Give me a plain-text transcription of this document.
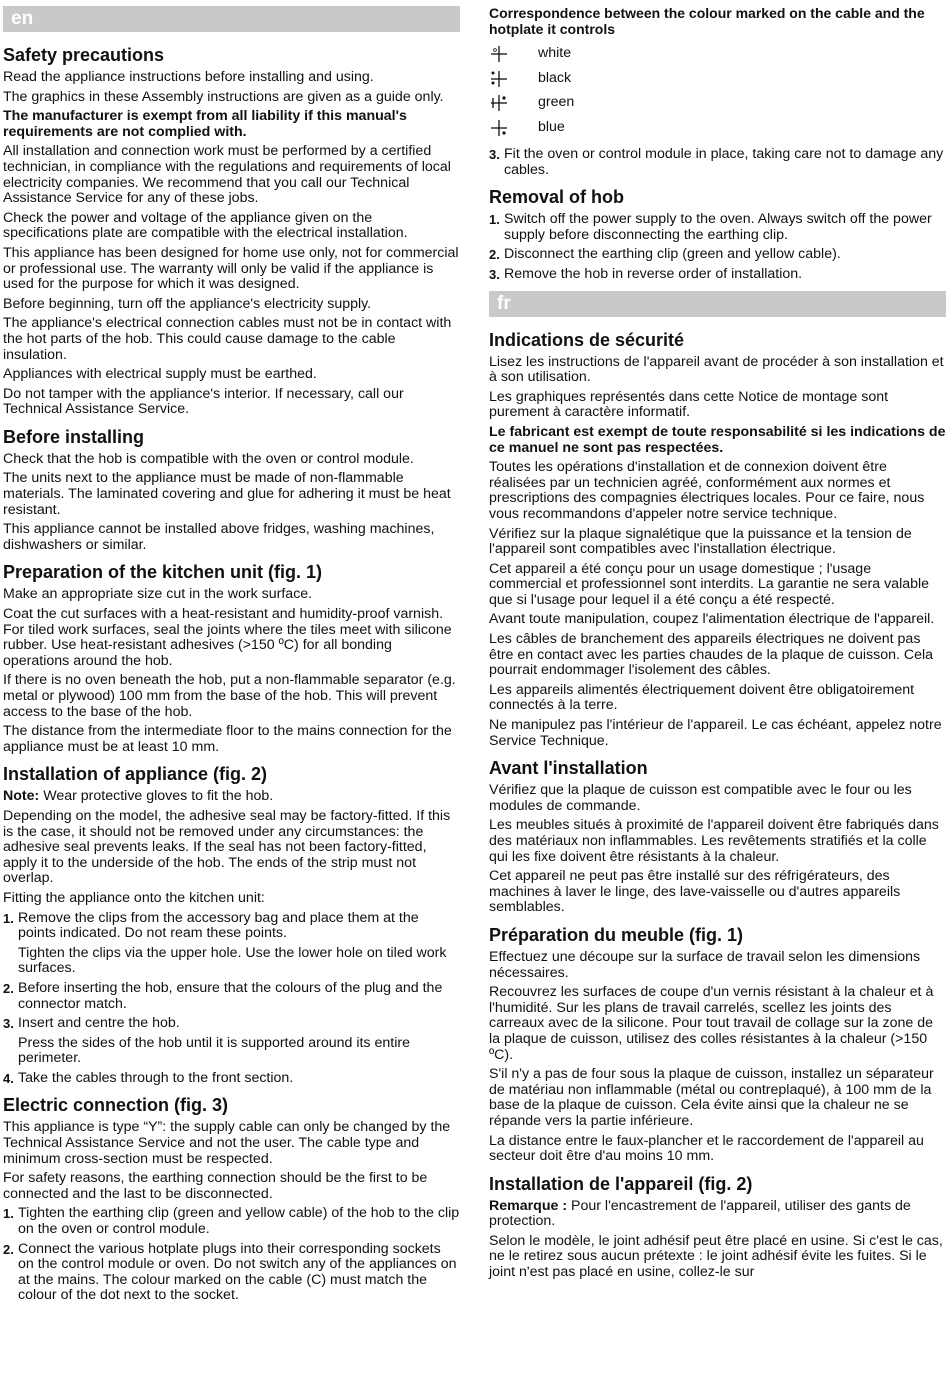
en
Safety precautions

Read the appliance instructions before installing and using.

The graphics in these Assembly instructions are given as a guide only.

The manufacturer is exempt from all liability if this manual's requirements are not complied with.

All installation and connection work must be performed by a certified technician, in compliance with the regulations and requirements of local electricity companies. We recommend that you call our Technical Assistance Service for any of these jobs.

Check the power and voltage of the appliance given on the specifications plate are compatible with the electrical installation.

This appliance has been designed for home use only, not for commercial or professional use. The warranty will only be valid if the appliance is used for the purpose for which it was designed.

Before beginning, turn off the appliance's electricity supply.

The appliance's electrical connection cables must not be in contact with the hot parts of the hob. This could cause damage to the cable insulation.

Appliances with electrical supply must be earthed.

Do not tamper with the appliance's interior. If necessary, call our Technical Assistance Service.

Before installing

Check that the hob is compatible with the oven or control module.

The units next to the appliance must be made of non-flammable materials. The laminated covering and glue for adhering it must be heat resistant.

This appliance cannot be installed above fridges, washing machines, dishwashers or similar.

Preparation of the kitchen unit (fig. 1)

Make an appropriate size cut in the work surface.

Coat the cut surfaces with a heat-resistant and humidity-proof varnish. For tiled work surfaces, seal the joints where the tiles meet with silicone rubber. Use heat-resistant adhesives (>150 ºC) for all bonding operations around the hob.

If there is no oven beneath the hob, put a non-flammable separator (e.g. metal or plywood) 100 mm from the base of the hob. This will prevent access to the base of the hob.

The distance from the intermediate floor to the mains connection for the appliance must be at least 10 mm.

Installation of appliance (fig. 2)

Note: Wear protective gloves to fit the hob.

Depending on the model, the adhesive seal may be factory-fitted. If this is the case, it should not be removed under any circumstances: the adhesive seal prevents leaks. If the seal has not been factory-fitted, apply it to the underside of the hob. The ends of the strip must not overlap.

Fitting the appliance onto the kitchen unit:

1. Remove the clips from the accessory bag and place them at the points indicated. Do not ream these points.
Tighten the clips via the upper hole. Use the lower hole on tiled work surfaces.
2. Before inserting the hob, ensure that the colours of the plug and the connector match.
3. Insert and centre the hob.
Press the sides of the hob until it is supported around its entire perimeter.
4. Take the cables through to the front section.
Electric connection (fig. 3)

This appliance is type “Y”: the supply cable can only be changed by the Technical Assistance Service and not the user. The cable type and minimum cross-section must be respected.

For safety reasons, the earthing connection should be the first to be connected and the last to be disconnected.

1. Tighten the earthing clip (green and yellow cable) of the hob to the clip on the oven or control module.
2. Connect the various hotplate plugs into their corresponding sockets on the control module or oven. Do not switch any of the appliances on at the mains. The colour marked on the cable (C) must match the colour of the dot next to the socket.
Correspondence between the colour marked on the cable and the hotplate it controls
white
black
green
blue
3. Fit the oven or control module in place, taking care not to damage any cables.
Removal of hob
1. Switch off the power supply to the oven. Always switch off the power supply before disconnecting the earthing clip.
2. Disconnect the earthing clip (green and yellow cable).
3. Remove the hob in reverse order of installation.
fr
Indications de sécurité

Lisez les instructions de l'appareil avant de procéder à son installation et à son utilisation.

Les graphiques représentés dans cette Notice de montage sont purement à caractère informatif.

Le fabricant est exempt de toute responsabilité si les indications de ce manuel ne sont pas respectées.

Toutes les opérations d'installation et de connexion doivent être réalisées par un technicien agréé, conformément aux normes et prescriptions des compagnies électriques locales. Pour ce faire, nous vous recommandons d'appeler notre service technique.

Vérifiez sur la plaque signalétique que la puissance et la tension de l'appareil sont compatibles avec l'installation électrique.

Cet appareil a été conçu pour un usage domestique ; l'usage commercial et professionnel sont interdits. La garantie ne sera valable que si l'usage pour lequel il a été conçu a été respecté.

Avant toute manipulation, coupez l'alimentation électrique de l'appareil.

Les câbles de branchement des appareils électriques ne doivent pas être en contact avec les parties chaudes de la plaque de cuisson. Cela pourrait endommager l'isolement des câbles.

Les appareils alimentés électriquement doivent être obligatoirement connectés à la terre.

Ne manipulez pas l'intérieur de l'appareil. Le cas échéant, appelez notre Service Technique.

Avant l'installation

Vérifiez que la plaque de cuisson est compatible avec le four ou les modules de commande.

Les meubles situés à proximité de l'appareil doivent être fabriqués dans des matériaux non inflammables. Les revêtements stratifiés et la colle qui les fixe doivent être résistants à la chaleur.

Cet appareil ne peut pas être installé sur des réfrigérateurs, des machines à laver le linge, des lave-vaisselle ou d'autres appareils semblables.

Préparation du meuble (fig. 1)

Effectuez une découpe sur la surface de travail selon les dimensions nécessaires.

Recouvrez les surfaces de coupe d'un vernis résistant à la chaleur et à l'humidité. Sur les plans de travail carrelés, scellez les joints des carreaux avec de la silicone. Pour tout travail de collage sur la zone de la plaque de cuisson, utilisez des colles résistantes à la chaleur (>150 ºC).

S'il n'y a pas de four sous la plaque de cuisson, installez un séparateur de matériau non inflammable (métal ou contreplaqué), à 100 mm de la base de la plaque de cuisson. Cela évite ainsi que la chaleur ne se répande vers la partie inférieure.

La distance entre le faux-plancher et le raccordement de l'appareil au secteur doit être d'au moins 10 mm.

Installation de l'appareil (fig. 2)

Remarque : Pour l'encastrement de l'appareil, utiliser des gants de protection.

Selon le modèle, le joint adhésif peut être placé en usine. Si c'est le cas, ne le retirez sous aucun prétexte : le joint adhésif évite les fuites. Si le joint n'est pas placé en usine, collez-le sur
